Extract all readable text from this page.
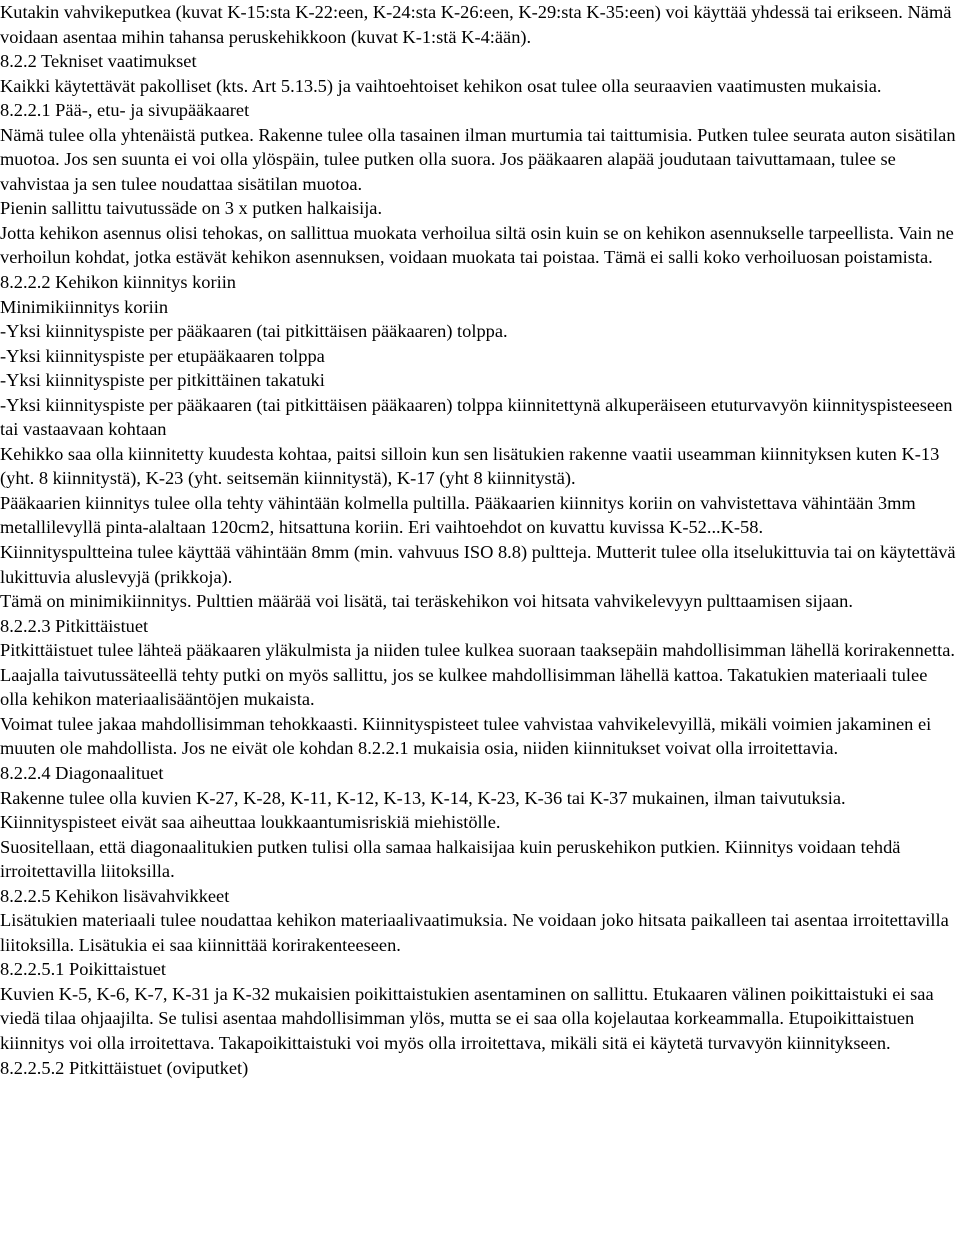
Kutakin vahvikeputkea (kuvat K-15:sta K-22:een, K-24:sta K-26:een, K-29:sta K-35:een) voi käyttää yhdessä tai erikseen. Nämä voidaan asentaa mihin tahansa peruskehikkoon (kuvat K-1:stä K-4:ään).

8.2.2 Tekniset vaatimukset

Kaikki käytettävät pakolliset (kts. Art 5.13.5) ja vaihtoehtoiset kehikon osat tulee olla seuraavien vaatimusten mukaisia.

8.2.2.1 Pää-, etu- ja sivupääkaaret

Nämä tulee olla yhtenäistä putkea. Rakenne tulee olla tasainen ilman murtumia tai taittumisia. Putken tulee seurata auton sisätilan muotoa. Jos sen suunta ei voi olla ylöspäin, tulee putken olla suora. Jos pääkaaren alapää joudutaan taivuttamaan, tulee se vahvistaa ja sen tulee noudattaa sisätilan muotoa.

Pienin sallittu taivutussäde on 3 x putken halkaisija.

Jotta kehikon asennus olisi tehokas, on sallittua muokata verhoilua siltä osin kuin se on kehikon asennukselle tarpeellista. Vain ne verhoilun kohdat, jotka estävät kehikon asennuksen, voidaan muokata tai poistaa. Tämä ei salli koko verhoiluosan poistamista.

8.2.2.2 Kehikon kiinnitys koriin

Minimikiinnitys koriin

-Yksi kiinnityspiste per pääkaaren (tai pitkittäisen pääkaaren) tolppa.

-Yksi kiinnityspiste per etupääkaaren tolppa

-Yksi kiinnityspiste per pitkittäinen takatuki

-Yksi kiinnityspiste per pääkaaren (tai pitkittäisen pääkaaren) tolppa kiinnitettynä alkuperäiseen etuturvavyön kiinnityspisteeseen tai vastaavaan kohtaan

Kehikko saa olla kiinnitetty kuudesta kohtaa, paitsi silloin kun sen lisätukien rakenne vaatii useamman kiinnityksen kuten K-13 (yht. 8 kiinnitystä), K-23 (yht. seitsemän kiinnitystä), K-17 (yht 8 kiinnitystä).

Pääkaarien kiinnitys tulee olla tehty vähintään kolmella pultilla. Pääkaarien kiinnitys koriin on vahvistettava vähintään 3mm metallilevyllä pinta-alaltaan 120cm2, hitsattuna koriin. Eri vaihtoehdot on kuvattu kuvissa K-52...K-58.

Kiinnityspultteina tulee käyttää vähintään 8mm (min. vahvuus ISO 8.8) pultteja. Mutterit tulee olla itselukittuvia tai on käytettävä lukittuvia aluslevyjä (prikkoja).

Tämä on minimikiinnitys. Pulttien määrää voi lisätä, tai teräskehikon voi hitsata vahvikelevyyn pulttaamisen sijaan.

8.2.2.3 Pitkittäistuet

Pitkittäistuet tulee lähteä pääkaaren yläkulmista ja niiden tulee kulkea suoraan taaksepäin mahdollisimman lähellä korirakennetta. Laajalla taivutussäteellä tehty putki on myös sallittu, jos se kulkee mahdollisimman lähellä kattoa. Takatukien materiaali tulee olla kehikon materiaalisääntöjen mukaista.

Voimat tulee jakaa mahdollisimman tehokkaasti. Kiinnityspisteet tulee vahvistaa vahvikelevyillä, mikäli voimien jakaminen ei muuten ole mahdollista. Jos ne eivät ole kohdan 8.2.2.1 mukaisia osia, niiden kiinnitukset voivat olla irroitettavia.

8.2.2.4 Diagonaalituet

Rakenne tulee olla kuvien K-27, K-28, K-11, K-12, K-13, K-14, K-23, K-36 tai K-37 mukainen, ilman taivutuksia. Kiinnityspisteet eivät saa aiheuttaa loukkaantumisriskiä miehistölle.

Suositellaan, että diagonaalitukien putken tulisi olla samaa halkaisijaa kuin peruskehikon putkien. Kiinnitys voidaan tehdä irroitettavilla liitoksilla.

8.2.2.5 Kehikon lisävahvikkeet

Lisätukien materiaali tulee noudattaa kehikon materiaalivaatimuksia. Ne voidaan joko hitsata paikalleen tai asentaa irroitettavilla liitoksilla. Lisätukia ei saa kiinnittää korirakenteeseen.

8.2.2.5.1 Poikittaistuet

Kuvien K-5, K-6, K-7, K-31 ja K-32 mukaisien poikittaistukien asentaminen on sallittu. Etukaaren välinen poikittaistuki ei saa viedä tilaa ohjaajilta. Se tulisi asentaa mahdollisimman ylös, mutta se ei saa olla kojelautaa korkeammalla. Etupoikittaistuen kiinnitys voi olla irroitettava. Takapoikittaistuki voi myös olla irroitettava, mikäli sitä ei käytetä turvavyön kiinnitykseen.

8.2.2.5.2 Pitkittäistuet (oviputket)
